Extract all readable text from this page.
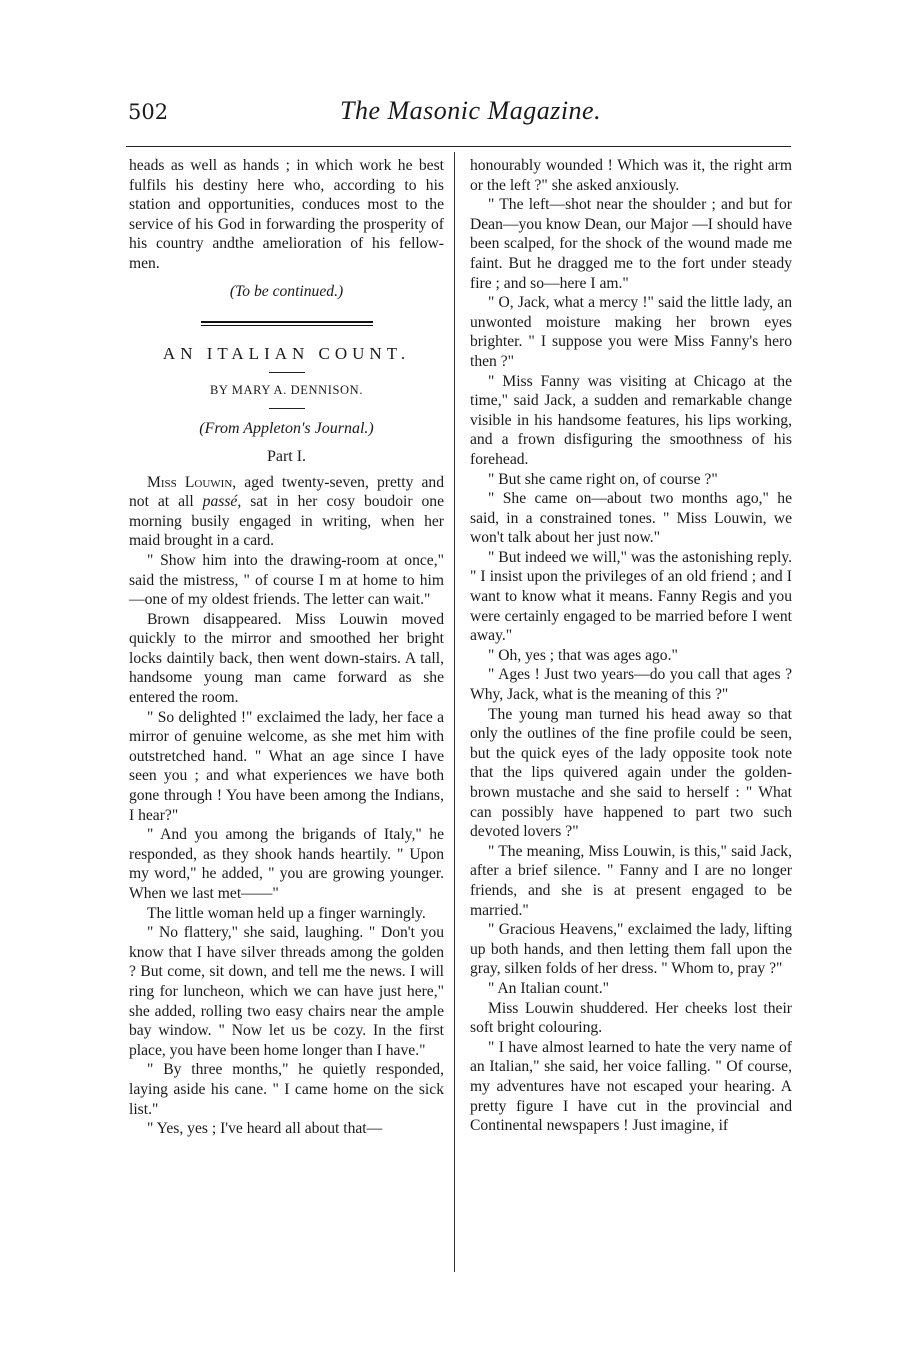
502	The Masonic Magazine.

heads as well as hands ; in which work he best fulfils his destiny here who, according to his station and opportunities, conduces most to the service of his God in forwarding the prosperity of his country andthe amelioration of his fellow-men.

(To be continued.)

AN ITALIAN COUNT.

BY MARY A. DENNISON.

(From Appleton's Journal.)

Part I.

Miss Louwin, aged twenty-seven, pretty and not at all passé, sat in her cosy boudoir one morning busily engaged in writing, when her maid brought in a card.

" Show him into the drawing-room at once," said the mistress, " of course I m at home to him—one of my oldest friends. The letter can wait."

Brown disappeared. Miss Louwin moved quickly to the mirror and smoothed her bright locks daintily back, then went down-stairs. A tall, handsome young man came forward as she entered the room.

" So delighted !" exclaimed the lady, her face a mirror of genuine welcome, as she met him with outstretched hand. " What an age since I have seen you ; and what experiences we have both gone through ! You have been among the Indians, I hear?"

" And you among the brigands of Italy," he responded, as they shook hands heartily. " Upon my word," he added, " you are growing younger. When we last met——"

The little woman held up a finger warningly.

" No flattery," she said, laughing. " Don't you know that I have silver threads among the golden ? But come, sit down, and tell me the news. I will ring for luncheon, which we can have just here," she added, rolling two easy chairs near the ample bay window. " Now let us be cozy. In the first place, you have been home longer than I have."

" By three months," he quietly responded, laying aside his cane. " I came home on the sick list."

" Yes, yes ; I've heard all about that—

honourably wounded ! Which was it, the right arm or the left ?" she asked anxiously.

" The left—shot near the shoulder ; and but for Dean—you know Dean, our Major —I should have been scalped, for the shock of the wound made me faint. But he dragged me to the fort under steady fire ; and so—here I am."

" O, Jack, what a mercy !" said the little lady, an unwonted moisture making her brown eyes brighter. " I suppose you were Miss Fanny's hero then ?"

" Miss Fanny was visiting at Chicago at the time," said Jack, a sudden and remarkable change visible in his handsome features, his lips working, and a frown disfiguring the smoothness of his forehead.

" But she came right on, of course ?"

" She came on—about two months ago," he said, in a constrained tones. " Miss Louwin, we won't talk about her just now."

" But indeed we will," was the astonishing reply. " I insist upon the privileges of an old friend ; and I want to know what it means. Fanny Regis and you were certainly engaged to be married before I went away."

" Oh, yes ; that was ages ago."

" Ages ! Just two years—do you call that ages ? Why, Jack, what is the meaning of this ?"

The young man turned his head away so that only the outlines of the fine profile could be seen, but the quick eyes of the lady opposite took note that the lips quivered again under the golden-brown mustache and she said to herself : " What can possibly have happened to part two such devoted lovers ?"

" The meaning, Miss Louwin, is this," said Jack, after a brief silence. " Fanny and I are no longer friends, and she is at present engaged to be married."

" Gracious Heavens," exclaimed the lady, lifting up both hands, and then letting them fall upon the gray, silken folds of her dress. " Whom to, pray ?"

" An Italian count."

Miss Louwin shuddered. Her cheeks lost their soft bright colouring.

" I have almost learned to hate the very name of an Italian," she said, her voice falling. " Of course, my adventures have not escaped your hearing. A pretty figure I have cut in the provincial and Continental newspapers ! Just imagine, if
